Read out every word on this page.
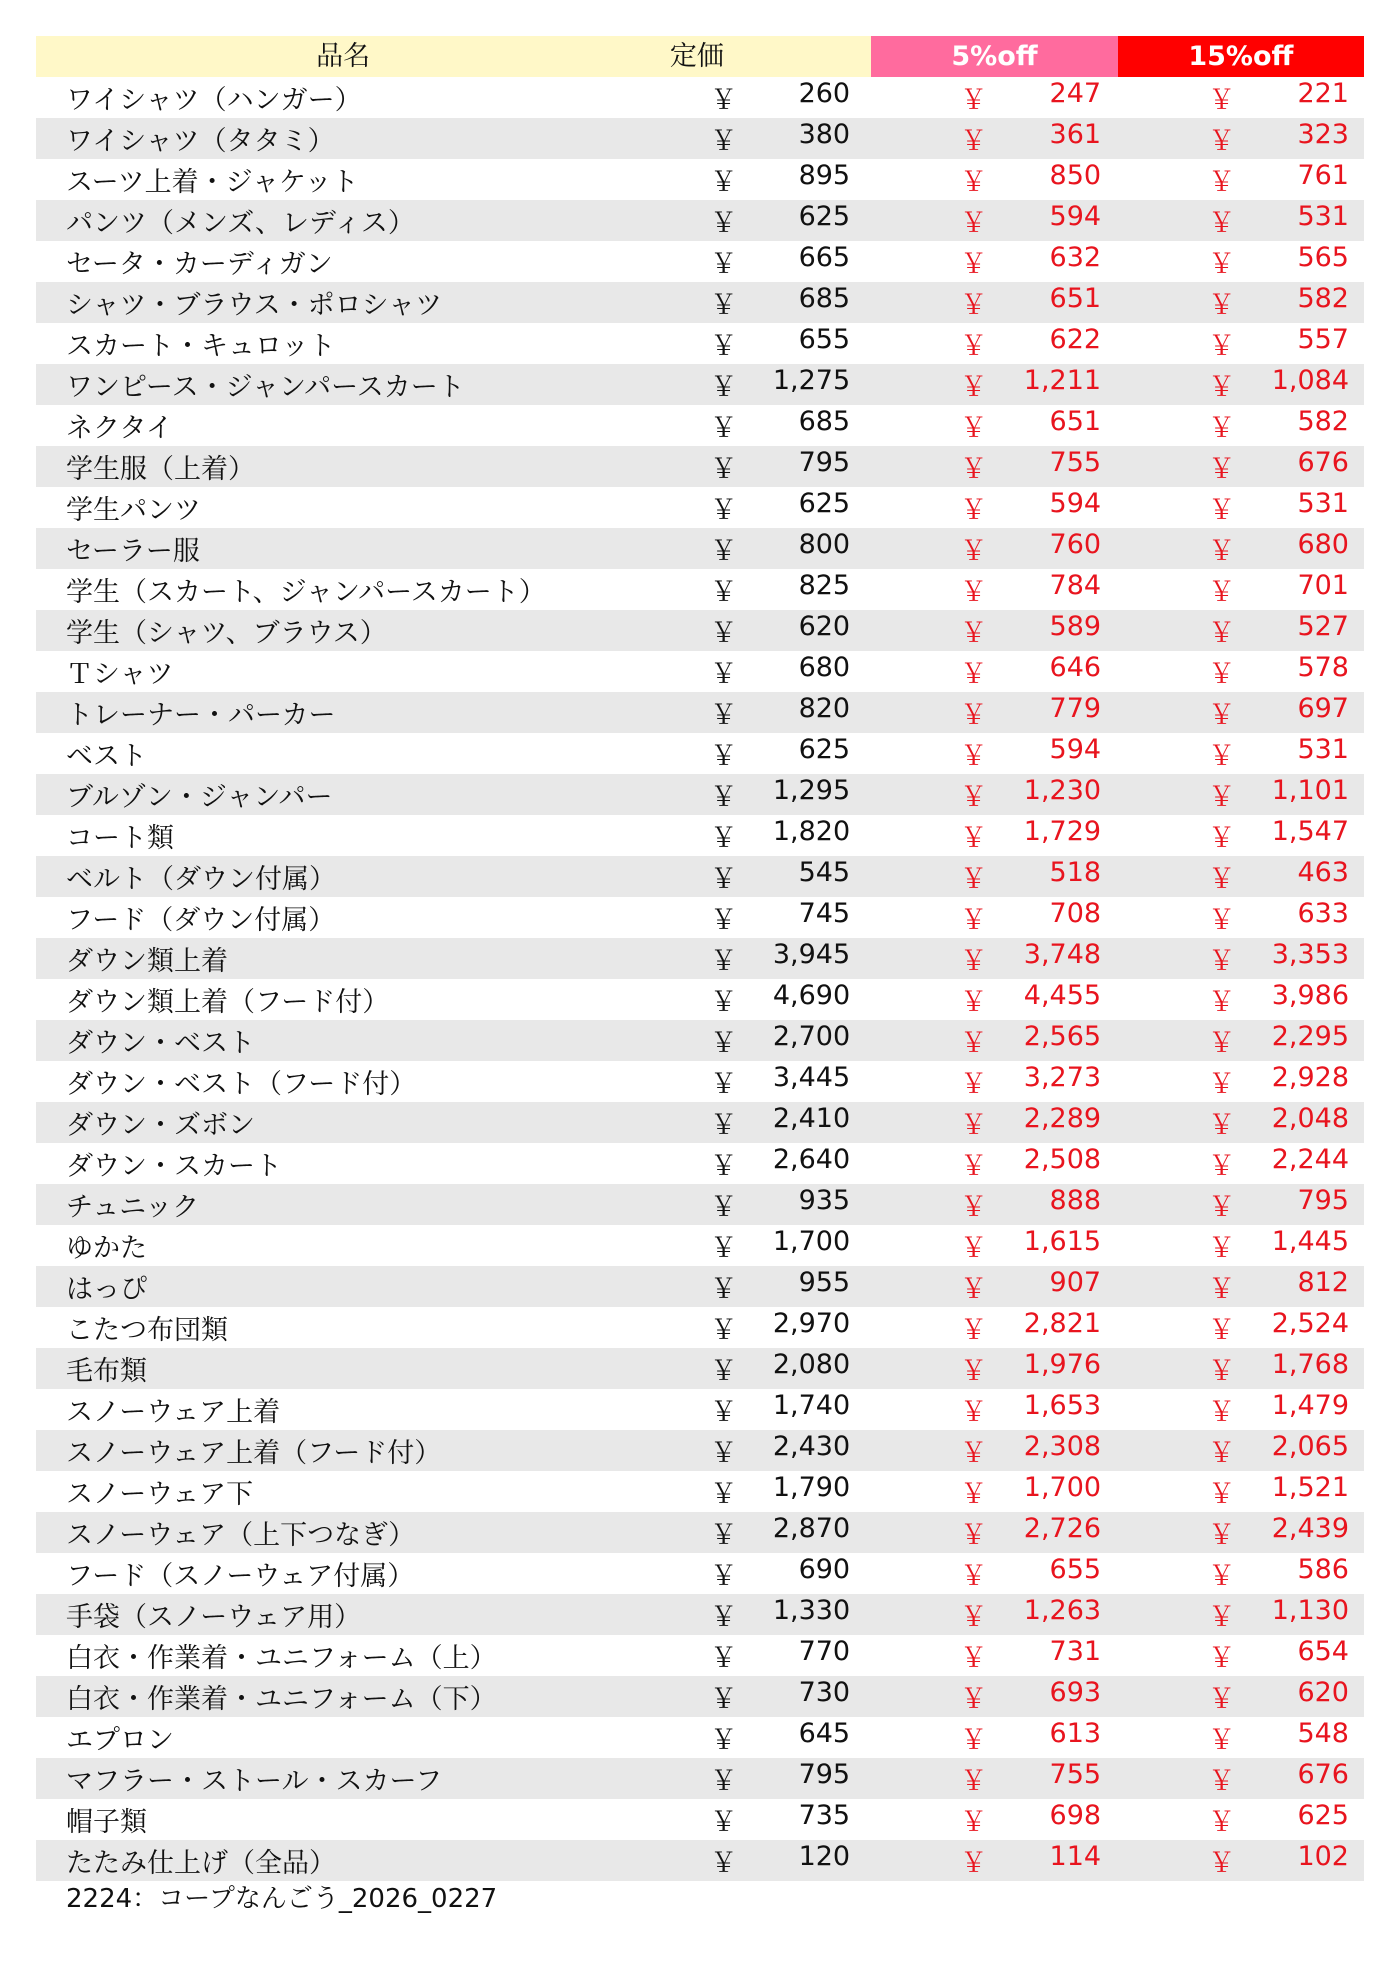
品名	定価	5%off	15%off
ワイシャツ（ハンガー）	￥ 260	￥ 247	￥ 221
ワイシャツ（タタミ）	￥ 380	￥ 361	￥ 323
スーツ上着・ジャケット	￥ 895	￥ 850	￥ 761
パンツ（メンズ、レディス）	￥ 625	￥ 594	￥ 531
セータ・カーディガン	￥ 665	￥ 632	￥ 565
シャツ・ブラウス・ポロシャツ	￥ 685	￥ 651	￥ 582
スカート・キュロット	￥ 655	￥ 622	￥ 557
ワンピース・ジャンパースカート	￥ 1,275	￥ 1,211	￥ 1,084
ネクタイ	￥ 685	￥ 651	￥ 582
学生服（上着）	￥ 795	￥ 755	￥ 676
学生パンツ	￥ 625	￥ 594	￥ 531
セーラー服	￥ 800	￥ 760	￥ 680
学生（スカート、ジャンパースカート）	￥ 825	￥ 784	￥ 701
学生（シャツ、ブラウス）	￥ 620	￥ 589	￥ 527
Ｔシャツ	￥ 680	￥ 646	￥ 578
トレーナー・パーカー	￥ 820	￥ 779	￥ 697
ベスト	￥ 625	￥ 594	￥ 531
ブルゾン・ジャンパー	￥ 1,295	￥ 1,230	￥ 1,101
コート類	￥ 1,820	￥ 1,729	￥ 1,547
ベルト（ダウン付属）	￥ 545	￥ 518	￥ 463
フード（ダウン付属）	￥ 745	￥ 708	￥ 633
ダウン類上着	￥ 3,945	￥ 3,748	￥ 3,353
ダウン類上着（フード付）	￥ 4,690	￥ 4,455	￥ 3,986
ダウン・ベスト	￥ 2,700	￥ 2,565	￥ 2,295
ダウン・ベスト（フード付）	￥ 3,445	￥ 3,273	￥ 2,928
ダウン・ズボン	￥ 2,410	￥ 2,289	￥ 2,048
ダウン・スカート	￥ 2,640	￥ 2,508	￥ 2,244
チュニック	￥ 935	￥ 888	￥ 795
ゆかた	￥ 1,700	￥ 1,615	￥ 1,445
はっぴ	￥ 955	￥ 907	￥ 812
こたつ布団類	￥ 2,970	￥ 2,821	￥ 2,524
毛布類	￥ 2,080	￥ 1,976	￥ 1,768
スノーウェア上着	￥ 1,740	￥ 1,653	￥ 1,479
スノーウェア上着（フード付）	￥ 2,430	￥ 2,308	￥ 2,065
スノーウェア下	￥ 1,790	￥ 1,700	￥ 1,521
スノーウェア（上下つなぎ）	￥ 2,870	￥ 2,726	￥ 2,439
フード（スノーウェア付属）	￥ 690	￥ 655	￥ 586
手袋（スノーウェア用）	￥ 1,330	￥ 1,263	￥ 1,130
白衣・作業着・ユニフォーム（上）	￥ 770	￥ 731	￥ 654
白衣・作業着・ユニフォーム（下）	￥ 730	￥ 693	￥ 620
エプロン	￥ 645	￥ 613	￥ 548
マフラー・ストール・スカーフ	￥ 795	￥ 755	￥ 676
帽子類	￥ 735	￥ 698	￥ 625
たたみ仕上げ（全品）	￥ 120	￥ 114	￥ 102
2224：コープなんごう_2026_0227
